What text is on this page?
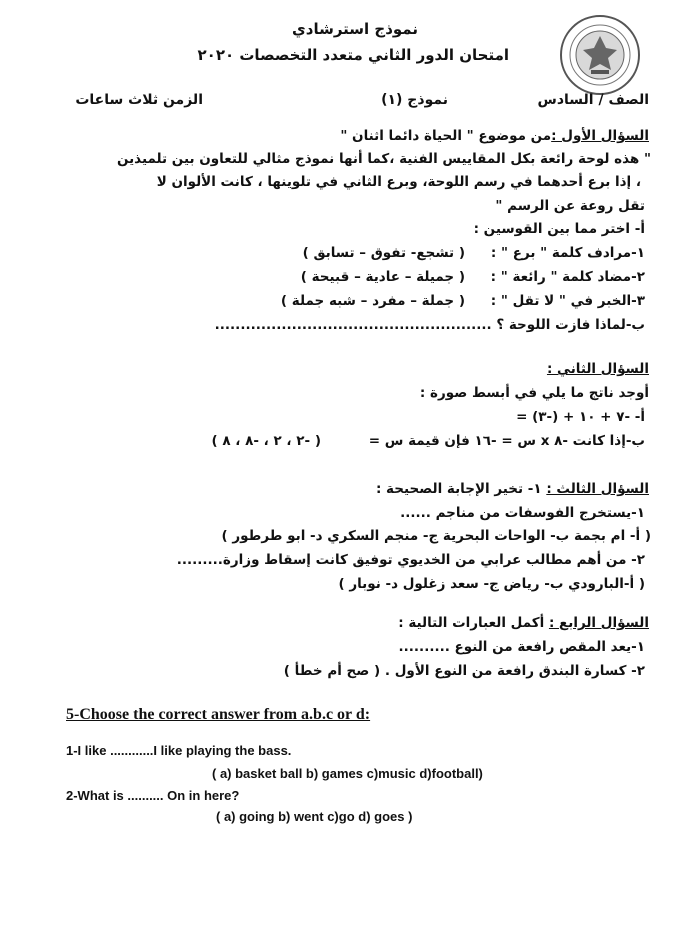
نموذج استرشادي
امتحان الدور الثاني متعدد التخصصات ٢٠٢٠
الصف / السادس
نموذج (١)
الزمن ثلاث ساعات
السؤال الأول :من موضوع " الحياة دائما اثنان "
" هذه لوحة رائعة بكل المقاييس الفنية ،كما أنها نموذج مثالي للتعاون بين تلميذين
، إذا برع أحدهما في رسم اللوحة، وبرع الثاني في تلوينها ، كانت الألوان لا
تقل روعة عن الرسم "
أ- اختر مما بين القوسين :
١-مرادف كلمة " برع " :
( تشجع- تفوق – تسابق )
٢-مضاد كلمة " رائعة " :
( جميلة – عادية – قبيحة )
٣-الخبر في " لا تقل " :
( جملة – مفرد – شبه جملة )
ب-لماذا فازت اللوحة ؟ ......................................................
السؤال الثاني :
أوجد ناتج ما يلي في أبسط صورة :
أ- -٧ + ١٠ + (-٣) =
ب-إذا كانت -٨ x س = -١٦ فإن قيمة س =
( -٢ ، ٢ ، -٨ ، ٨ )
السؤال الثالث : ١- تخير الإجابة الصحيحة :
١-يستخرج الفوسفات من مناجم ......
( أ- ام بجمة ب- الواحات البحرية ج- منجم السكري د- ابو طرطور )
٢- من أهم مطالب عرابي من الخديوي توفيق كانت إسقاط وزارة.........
( أ-البارودي ب- رياض ج- سعد زغلول د- نوبار )
السؤال الرابع : أكمل العبارات التالية :
١-يعد المقص رافعة من النوع ..........
٢- كسارة البندق رافعة من النوع الأول . ( صح أم خطأ )
5-Choose the correct answer from a.b.c or d:
1-I like ............I like playing the bass.
( a) basket ball b) games c)music d)football)
2-What is .......... On in here?
( a) going b) went c)go d) goes )
